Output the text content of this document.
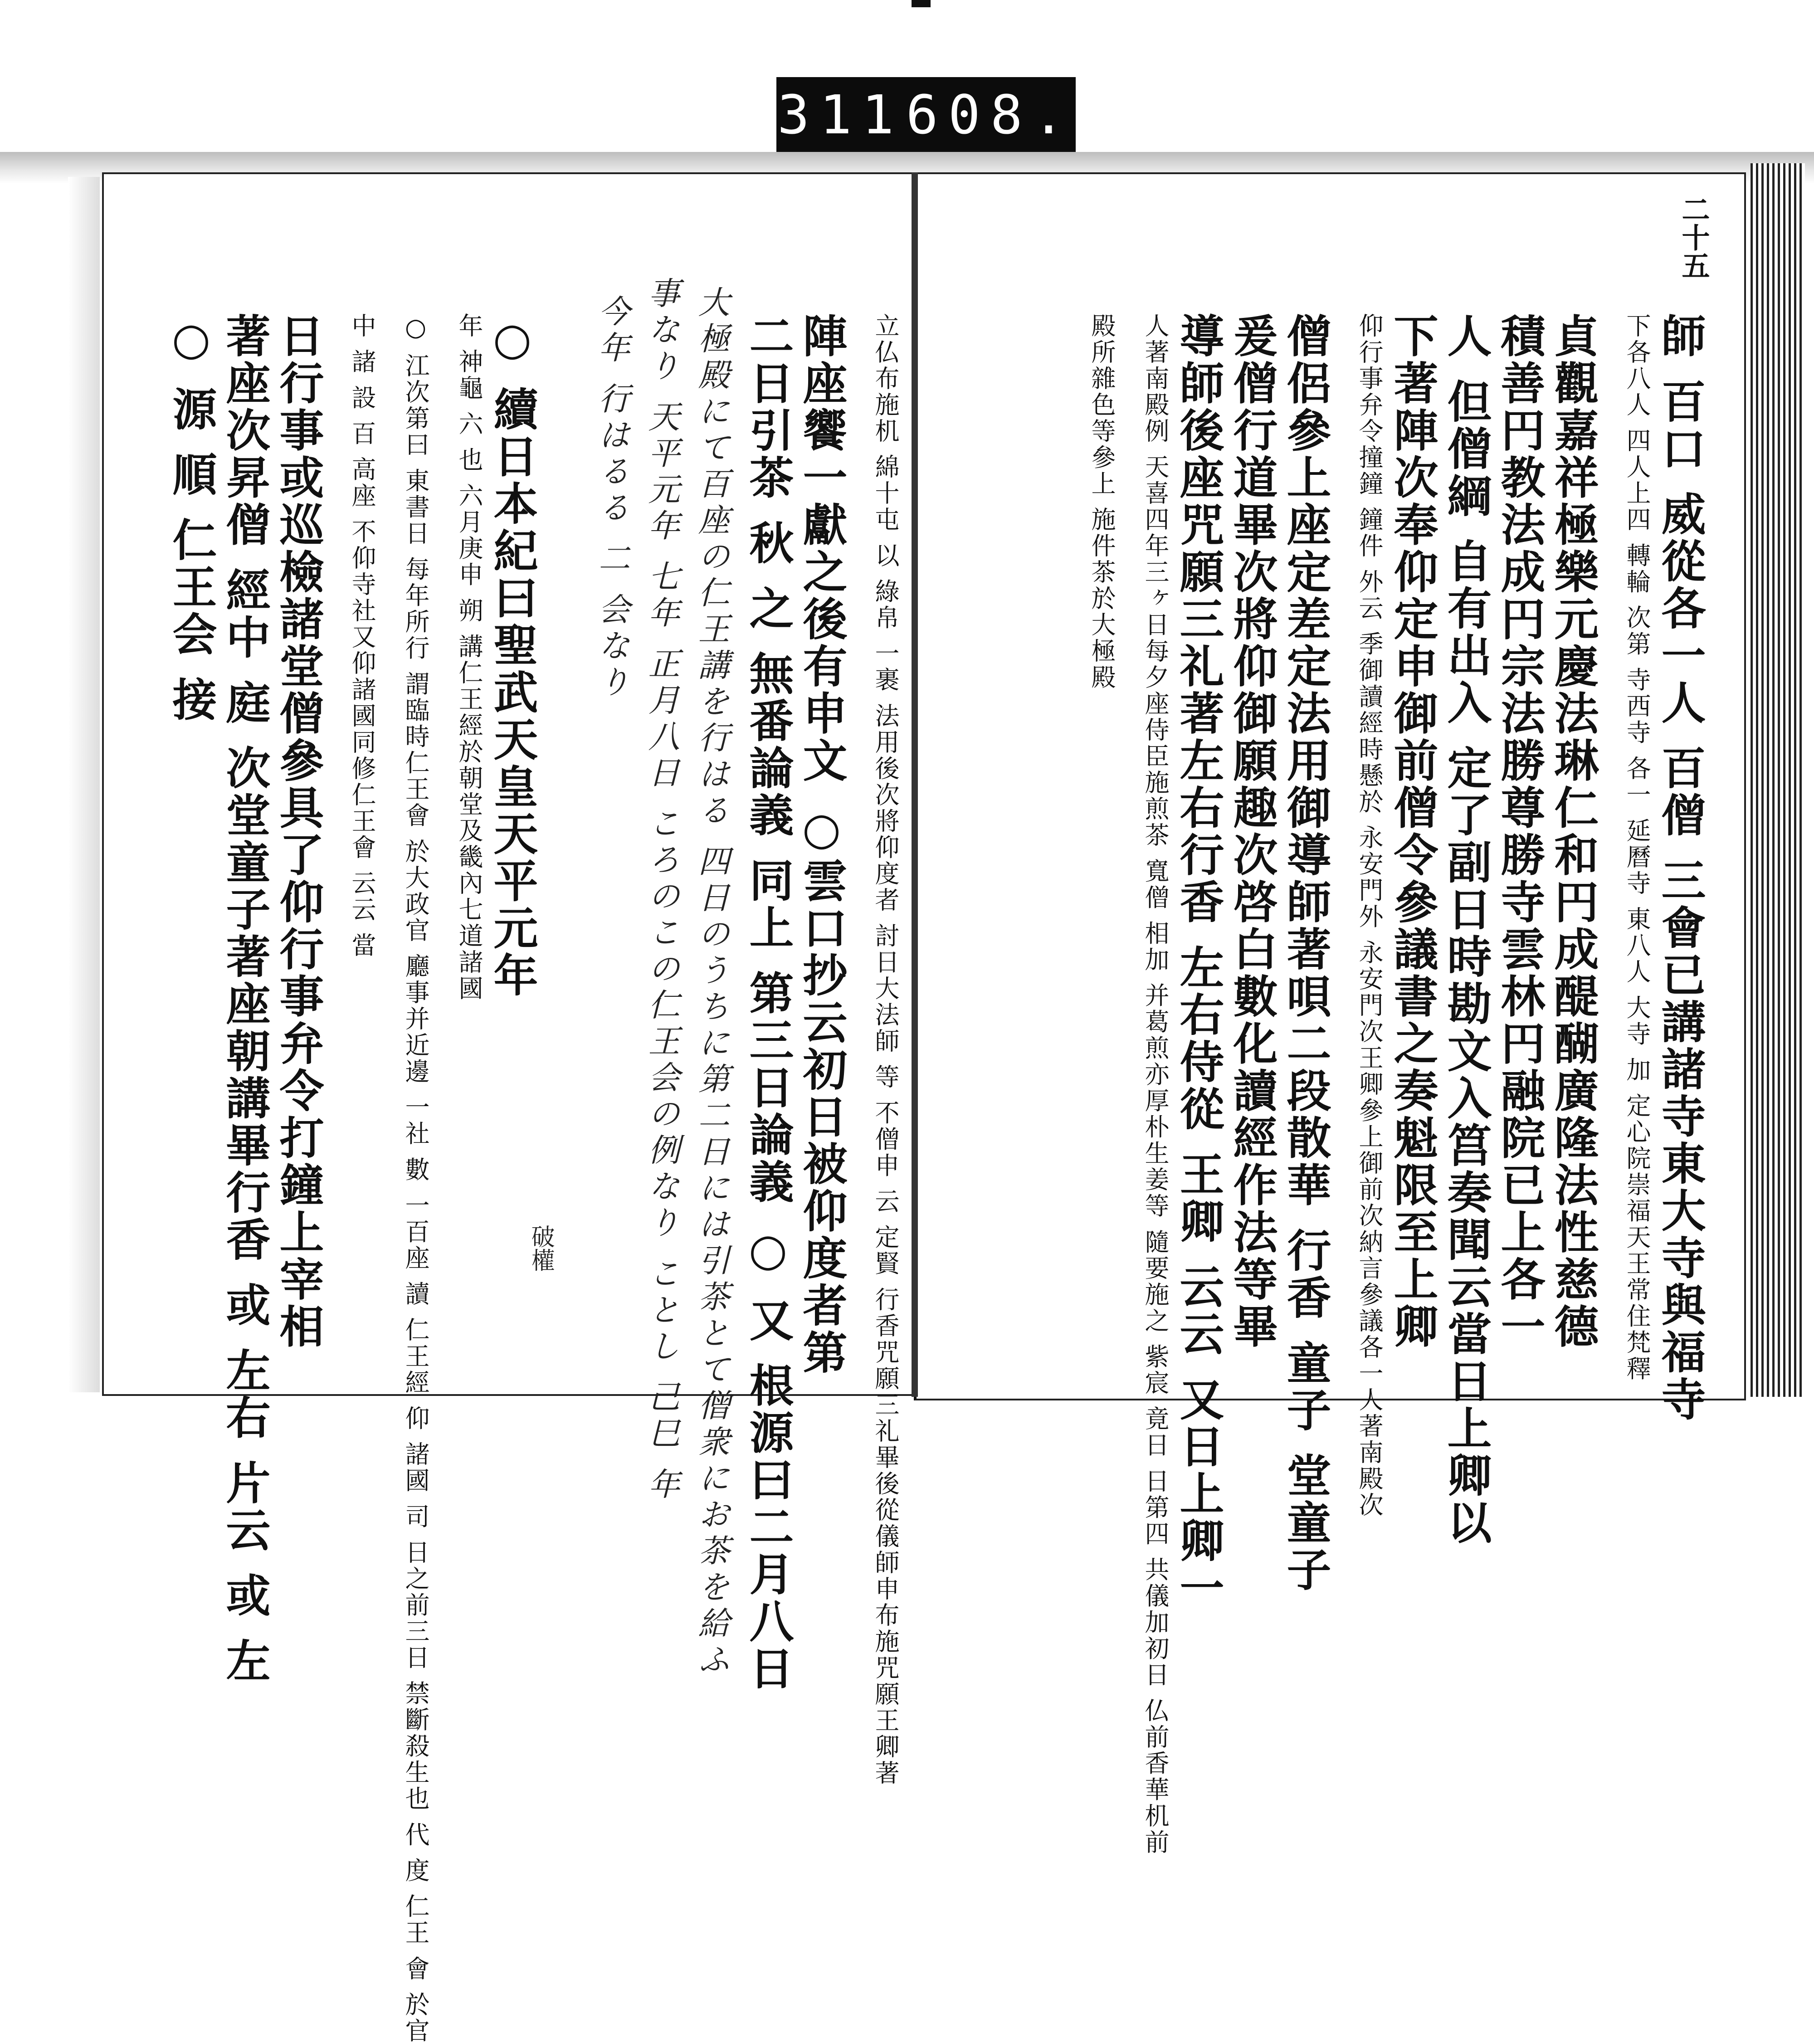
311 608.
二十五
師 百口 威從各一人 百僧 三會已講諸寺東大寺與福寺
下各八人 四人上四 轉輪 次第 寺西寺 各一 延曆寺 東八人 大寺 加 定心院崇福天王常住梵釋
貞觀嘉祥極樂元慶法琳仁和円成醍醐廣隆法性慈德
積善円教法成円宗法勝尊勝寺雲林円融院已上各一
人 但僧綱 自有出入 定了副日時勘文入筥奏聞云當日上卿以
下著陣次奉仰定申御前僧令參議書之奏魁限至上卿
仰行事弁令撞鐘 鐘件 外云 季御讀經時懸於 永安門外 永安門次王卿參上御前次納言參議各一人著南殿次
僧侶參上座定差定法用御導師著唄二段散華 行香 童子 堂童子
爰僧行道畢次將仰御願趣次啓白數化讀經作法等畢
導師後座咒願三礼著左右行香 左右侍從 王卿 云云 又日上卿一
人著南殿例 天喜四年三ヶ日每夕座侍臣施煎茶 寬僧 相加 并葛煎亦厚朴生姜等 隨要施之 紫宸 竟日 日第四 共儀加初日 仏前香華机前
殿所雜色等參上 施件茶於大極殿
立仏布施机 綿十屯 以 綠帛 一裹 法用後次將仰度者 討日大法師 等 不僧申 云 定賢 行香咒願三礼畢後從儀師申布施咒願王卿著
陣座饗一獻之後有申文 ○雲口抄云初日被仰度者第
二日引茶 秋 之 無番論義 同上 第三日論義 ○ 又 根源曰二月八日
大極殿にて百座の仁王講を行はる 四日のうちに第二日には引茶とて僧衆にお茶を給ふ
事なり 天平元年 七年 正月八日 ころのこの仁王会の例なり ことし 己巳 年
今年 行はるる 二 会なり
○ 續日本紀曰聖武天皇天平元年
年 神龜 六 也 六月庚申 朔 講仁王經於朝堂及畿內七道諸國
○ 江次第曰 東書日 每年所行 謂臨時仁王會 於大政官 廳事并近邊 一社 數 一百座 讀 仁王經 仰 諸國 司 日之前三日 禁斷殺生也 代 度 仁王 會 於官
中 諸 設 百 高座 不仰寺社又仰諸國同修仁王會 云云 當
日行事或巡檢諸堂僧參具了仰行事弁令打鐘上宰相
著座次昇僧 經中 庭 次堂童子著座朝講畢行香 或 左右 片云 或 左
○ 源 順 仁王会 接
破權
